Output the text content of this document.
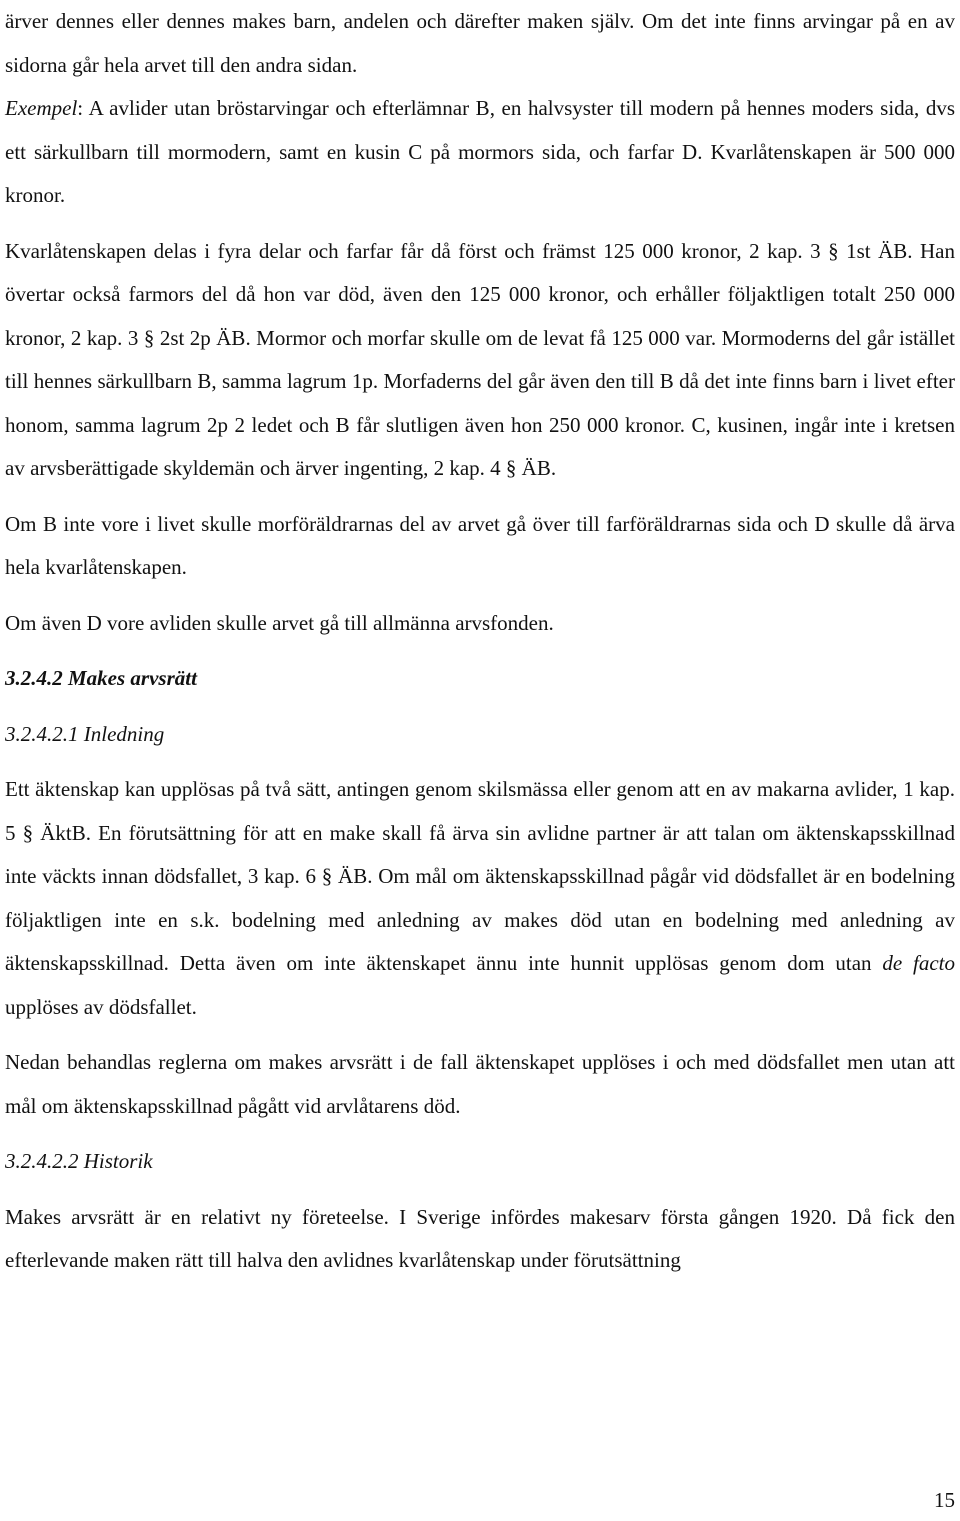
ärver dennes eller dennes makes barn, andelen och därefter maken själv. Om det inte finns arvingar på en av sidorna går hela arvet till den andra sidan.

Exempel: A avlider utan bröstarvingar och efterlämnar B, en halvsyster till modern på hennes moders sida, dvs ett särkullbarn till mormodern, samt en kusin C på mormors sida, och farfar D. Kvarlåtenskapen är 500 000 kronor.

Kvarlåtenskapen delas i fyra delar och farfar får då först och främst 125 000 kronor, 2 kap. 3 § 1st ÄB. Han övertar också farmors del då hon var död, även den 125 000 kronor, och erhåller följaktligen totalt 250 000 kronor, 2 kap. 3 § 2st 2p ÄB. Mormor och morfar skulle om de levat få 125 000 var. Mormoderns del går istället till hennes särkullbarn B, samma lagrum 1p. Morfaderns del går även den till B då det inte finns barn i livet efter honom, samma lagrum 2p 2 ledet och B får slutligen även hon 250 000 kronor. C, kusinen, ingår inte i kretsen av arvsberättigade skyldemän och ärver ingenting, 2 kap. 4 § ÄB.

Om B inte vore i livet skulle morföräldrarnas del av arvet gå över till farföräldrarnas sida och D skulle då ärva hela kvarlåtenskapen.

Om även D vore avliden skulle arvet gå till allmänna arvsfonden.

3.2.4.2 Makes arvsrätt
3.2.4.2.1 Inledning

Ett äktenskap kan upplösas på två sätt, antingen genom skilsmässa eller genom att en av makarna avlider, 1 kap. 5 § ÄktB. En förutsättning för att en make skall få ärva sin avlidne partner är att talan om äktenskapsskillnad inte väckts innan dödsfallet, 3 kap. 6 § ÄB. Om mål om äktenskapsskillnad pågår vid dödsfallet är en bodelning följaktligen inte en s.k. bodelning med anledning av makes död utan en bodelning med anledning av äktenskapsskillnad. Detta även om inte äktenskapet ännu inte hunnit upplösas genom dom utan de facto upplöses av dödsfallet.

Nedan behandlas reglerna om makes arvsrätt i de fall äktenskapet upplöses i och med dödsfallet men utan att mål om äktenskapsskillnad pågått vid arvlåtarens död.

3.2.4.2.2 Historik

Makes arvsrätt är en relativt ny företeelse. I Sverige infördes makesarv första gången 1920. Då fick den efterlevande maken rätt till halva den avlidnes kvarlåtenskap under förutsättning

15
